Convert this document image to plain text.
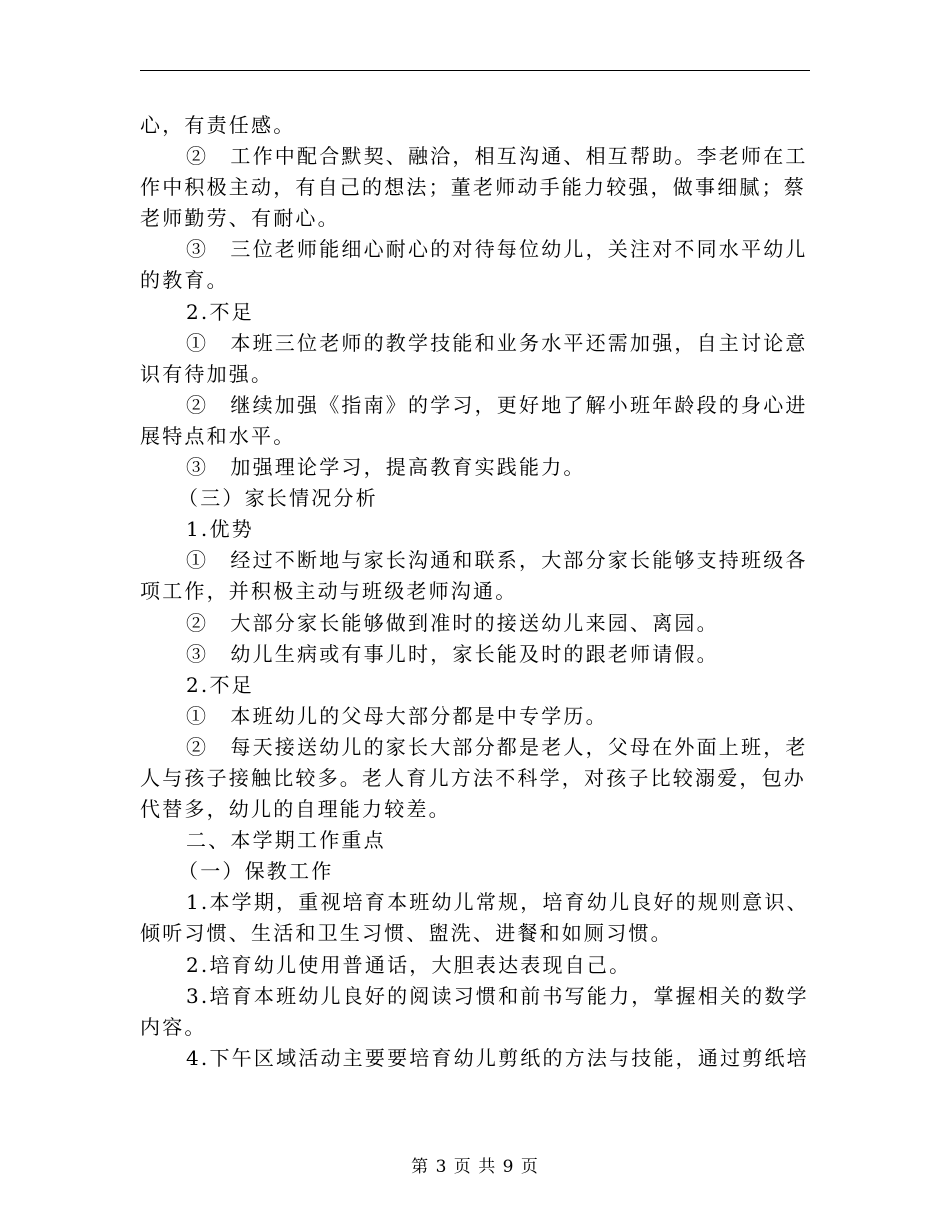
心，有责任感。
②　工作中配合默契、融洽，相互沟通、相互帮助。李老师在工
作中积极主动，有自己的想法；董老师动手能力较强，做事细腻；蔡
老师勤劳、有耐心。
③　三位老师能细心耐心的对待每位幼儿，关注对不同水平幼儿
的教育。
2.不足
①　本班三位老师的教学技能和业务水平还需加强，自主讨论意
识有待加强。
②　继续加强《指南》的学习，更好地了解小班年龄段的身心进
展特点和水平。
③　加强理论学习，提高教育实践能力。
（三）家长情况分析
1.优势
①　经过不断地与家长沟通和联系，大部分家长能够支持班级各
项工作，并积极主动与班级老师沟通。
②　大部分家长能够做到准时的接送幼儿来园、离园。
③　幼儿生病或有事儿时，家长能及时的跟老师请假。
2.不足
①　本班幼儿的父母大部分都是中专学历。
②　每天接送幼儿的家长大部分都是老人，父母在外面上班，老
人与孩子接触比较多。老人育儿方法不科学，对孩子比较溺爱，包办
代替多，幼儿的自理能力较差。
二、本学期工作重点
（一）保教工作
1.本学期，重视培育本班幼儿常规，培育幼儿良好的规则意识、
倾听习惯、生活和卫生习惯、盥洗、进餐和如厕习惯。
2.培育幼儿使用普通话，大胆表达表现自己。
3.培育本班幼儿良好的阅读习惯和前书写能力，掌握相关的数学
内容。
4.下午区域活动主要要培育幼儿剪纸的方法与技能，通过剪纸培
第 3 页 共 9 页
